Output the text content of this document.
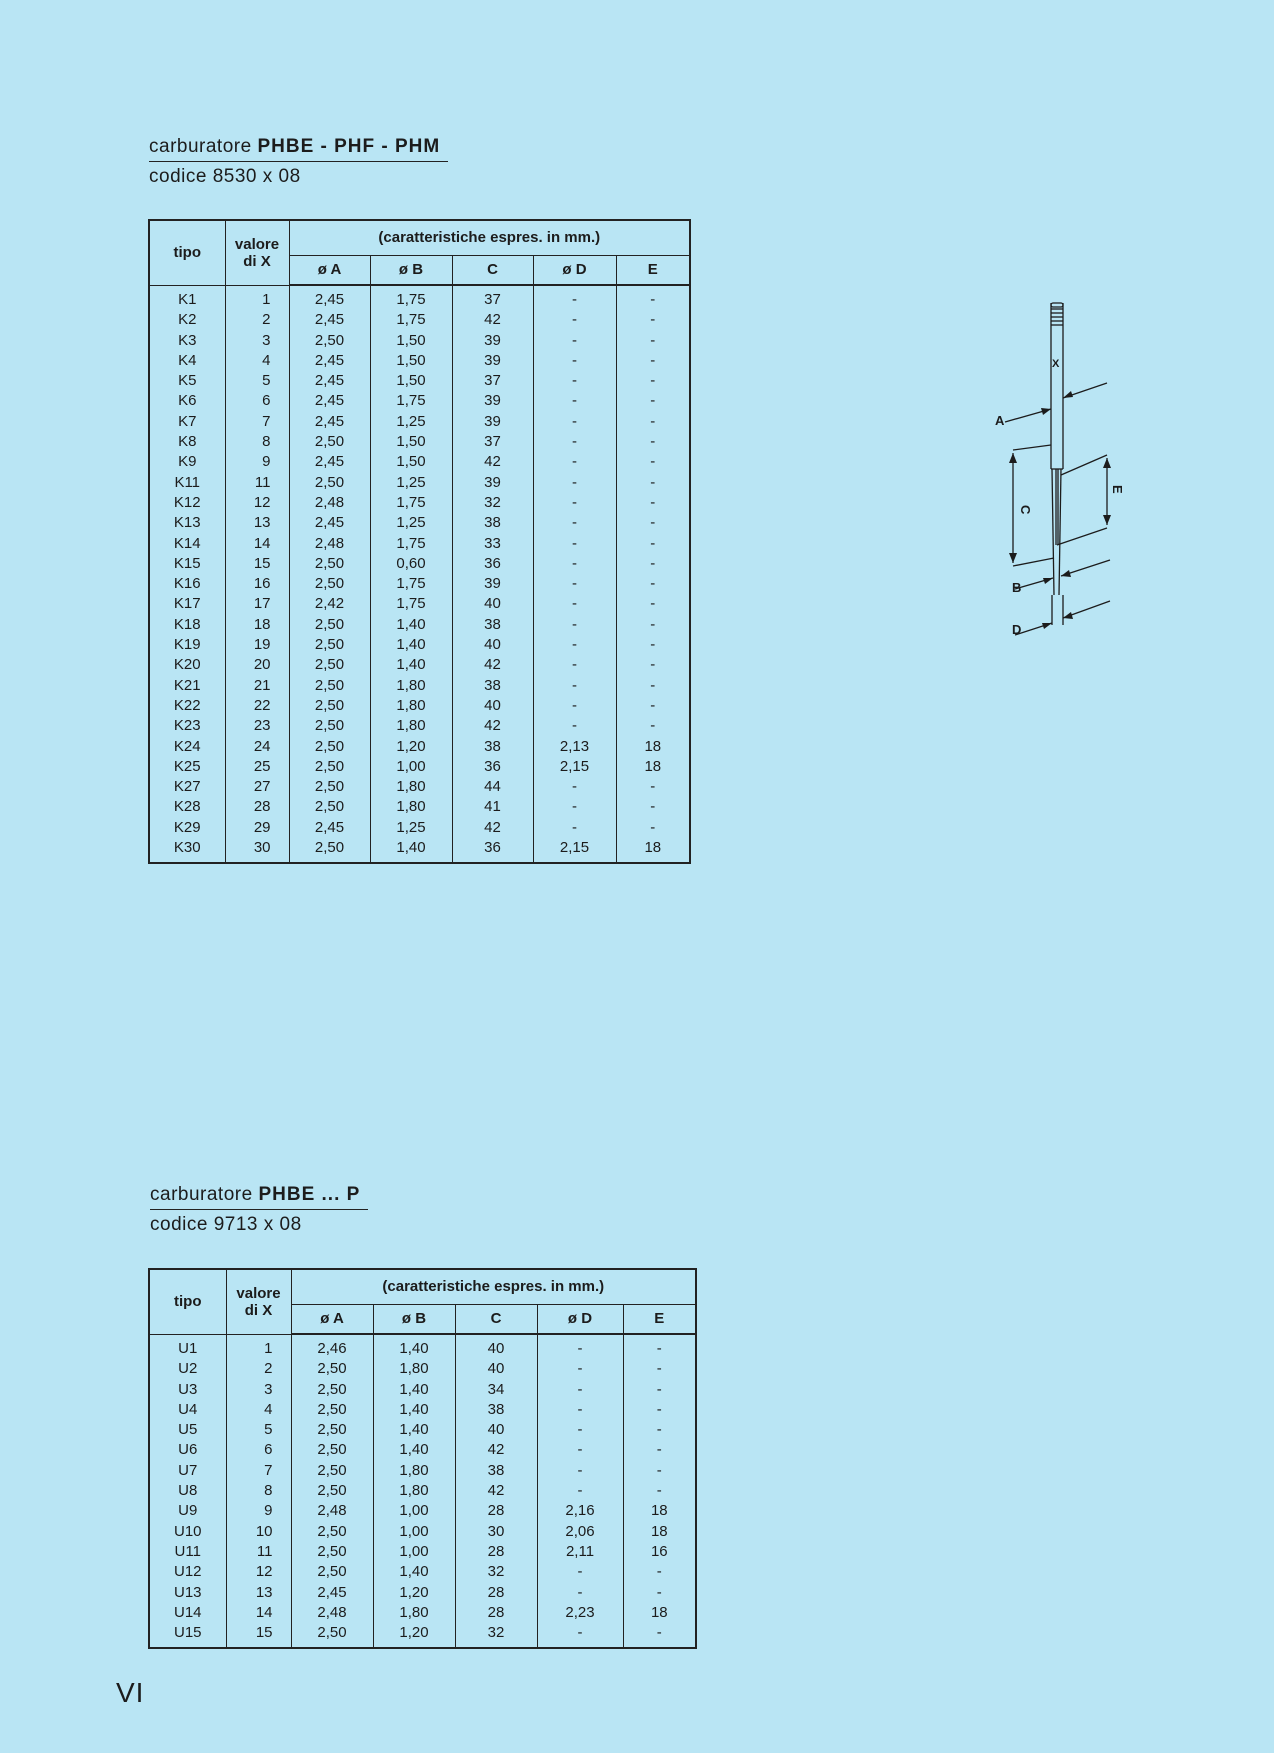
carburatore PHBE - PHF - PHM
codice 8530 x 08
tipo	valore
di X	(caratteristiche espres. in mm.)				
		ø A	ø B	C	ø D	E
K1	1	2,45	1,75	37	-	-
K2	2	2,45	1,75	42	-	-
K3	3	2,50	1,50	39	-	-
K4	4	2,45	1,50	39	-	-
K5	5	2,45	1,50	37	-	-
K6	6	2,45	1,75	39	-	-
K7	7	2,45	1,25	39	-	-
K8	8	2,50	1,50	37	-	-
K9	9	2,45	1,50	42	-	-
K11	11	2,50	1,25	39	-	-
K12	12	2,48	1,75	32	-	-
K13	13	2,45	1,25	38	-	-
K14	14	2,48	1,75	33	-	-
K15	15	2,50	0,60	36	-	-
K16	16	2,50	1,75	39	-	-
K17	17	2,42	1,75	40	-	-
K18	18	2,50	1,40	38	-	-
K19	19	2,50	1,40	40	-	-
K20	20	2,50	1,40	42	-	-
K21	21	2,50	1,80	38	-	-
K22	22	2,50	1,80	40	-	-
K23	23	2,50	1,80	42	-	-
K24	24	2,50	1,20	38	2,13	18
K25	25	2,50	1,00	36	2,15	18
K27	27	2,50	1,80	44	-	-
K28	28	2,50	1,80	41	-	-
K29	29	2,45	1,25	42	-	-
K30	30	2,50	1,40	36	2,15	18
X
A
C
E
B
D
carburatore PHBE ... P
codice 9713 x 08
tipo	valore
di X	(caratteristiche espres. in mm.)				
		ø A	ø B	C	ø D	E
U1	1	2,46	1,40	40	-	-
U2	2	2,50	1,80	40	-	-
U3	3	2,50	1,40	34	-	-
U4	4	2,50	1,40	38	-	-
U5	5	2,50	1,40	40	-	-
U6	6	2,50	1,40	42	-	-
U7	7	2,50	1,80	38	-	-
U8	8	2,50	1,80	42	-	-
U9	9	2,48	1,00	28	2,16	18
U10	10	2,50	1,00	30	2,06	18
U11	11	2,50	1,00	28	2,11	16
U12	12	2,50	1,40	32	-	-
U13	13	2,45	1,20	28	-	-
U14	14	2,48	1,80	28	2,23	18
U15	15	2,50	1,20	32	-	-
VI
